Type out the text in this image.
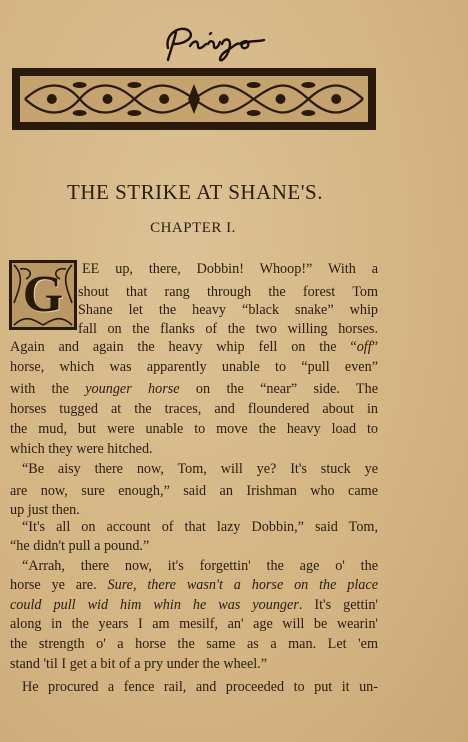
THE STRIKE AT SHANE'S.
CHAPTER I.
G EE up, there, Dobbin! Whoop!” With a
shout that rang through the forest Tom
Shane let the heavy “black snake” whip
fall on the flanks of the two willing horses.
Again and again the heavy whip fell on the “off”
horse, which was apparently unable to “pull even”
with the younger horse on the “near” side. The
horses tugged at the traces, and floundered about in
the mud, but were unable to move the heavy load to
which they were hitched.
“Be aisy there now, Tom, will ye? It's stuck ye
are now, sure enough,” said an Irishman who came
up just then.
“It's all on account of that lazy Dobbin,” said Tom,
“he didn't pull a pound.”
“Arrah, there now, it's forgettin' the age o' the
horse ye are. Sure, there wasn't a horse on the place
could pull wid him whin he was younger. It's gettin'
along in the years I am mesilf, an' age will be wearin'
the strength o' a horse the same as a man. Let 'em
stand 'til I get a bit of a pry under the wheel.”
He procured a fence rail, and proceeded to put it un-
